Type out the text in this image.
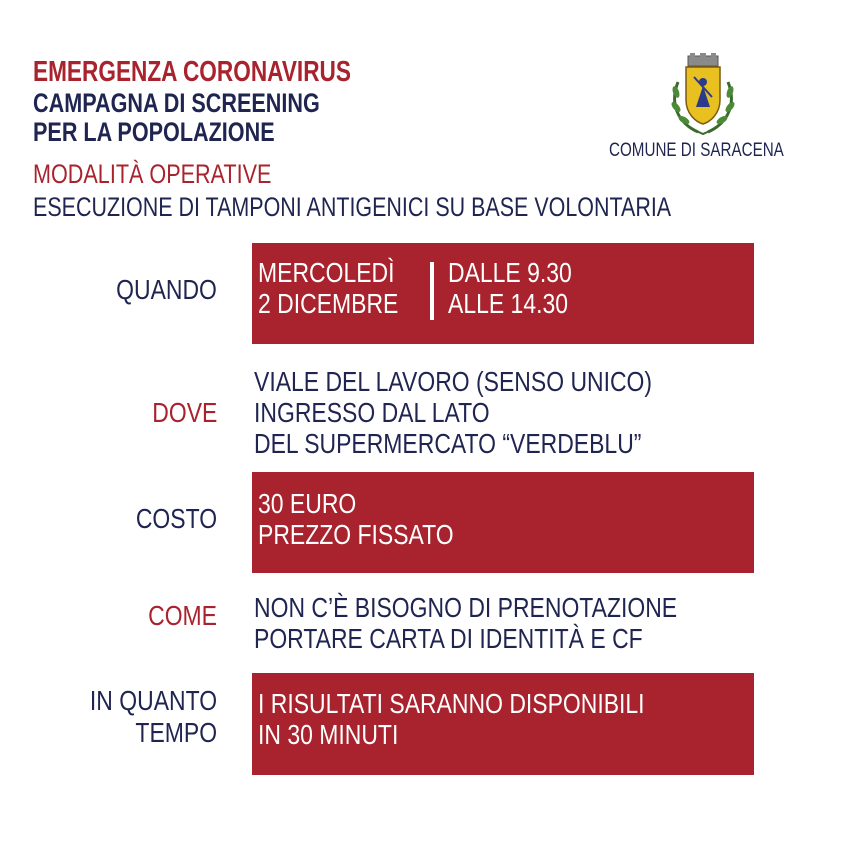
EMERGENZA CORONAVIRUS
CAMPAGNA DI SCREENING
PER LA POPOLAZIONE
MODALITÀ OPERATIVE
ESECUZIONE DI TAMPONI ANTIGENICI SU BASE VOLONTARIA
COMUNE DI SARACENA
QUANDO
MERCOLEDÌ
2 DICEMBRE
DALLE 9.30
ALLE 14.30
DOVE
VIALE DEL LAVORO (SENSO UNICO)
INGRESSO DAL LATO
DEL SUPERMERCATO “VERDEBLU”
COSTO 30 EURO
PREZZO FISSATO
COME NON C’È BISOGNO DI PRENOTAZIONE
PORTARE CARTA DI IDENTITÀ E CF
IN QUANTO
TEMPO
I RISULTATI SARANNO DISPONIBILI
IN 30 MINUTI
